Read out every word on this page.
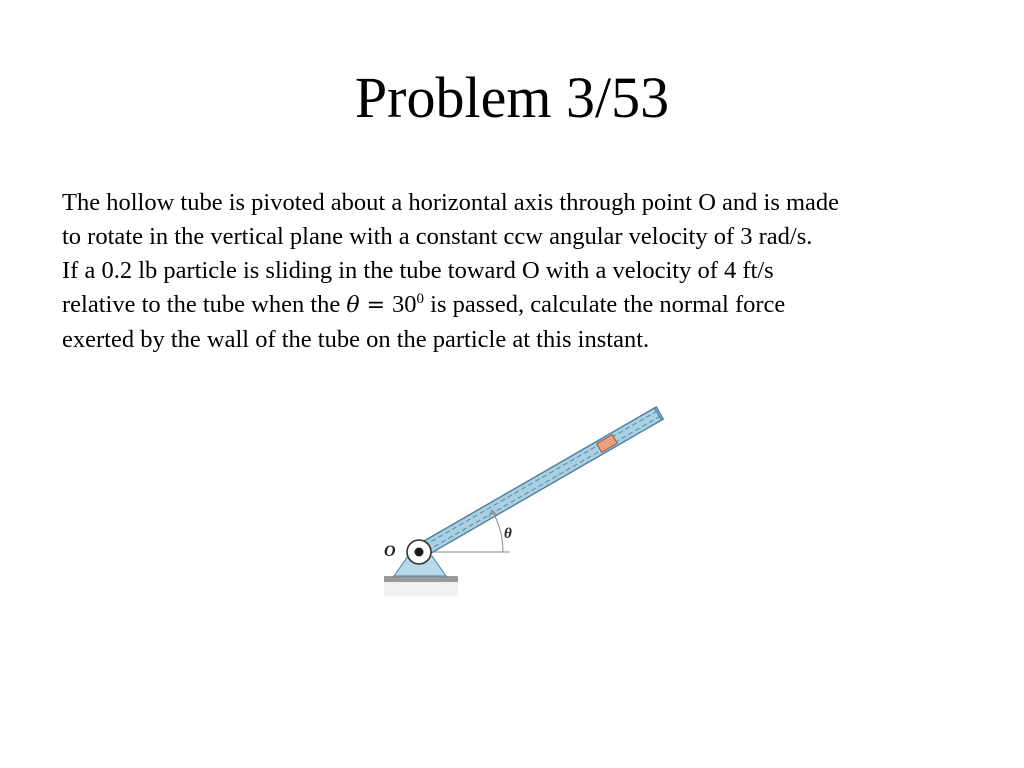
Problem 3/53
The hollow tube is pivoted about a horizontal axis through point O and is made
to rotate in the vertical plane with a constant ccw angular velocity of 3 rad/s.
If a 0.2 lb particle is sliding in the tube toward O with a velocity of 4 ft/s
relative to the tube when the $\theta = 30^0$ is passed, calculate the normal force
exerted by the wall of the tube on the particle at this instant.
O
θ
